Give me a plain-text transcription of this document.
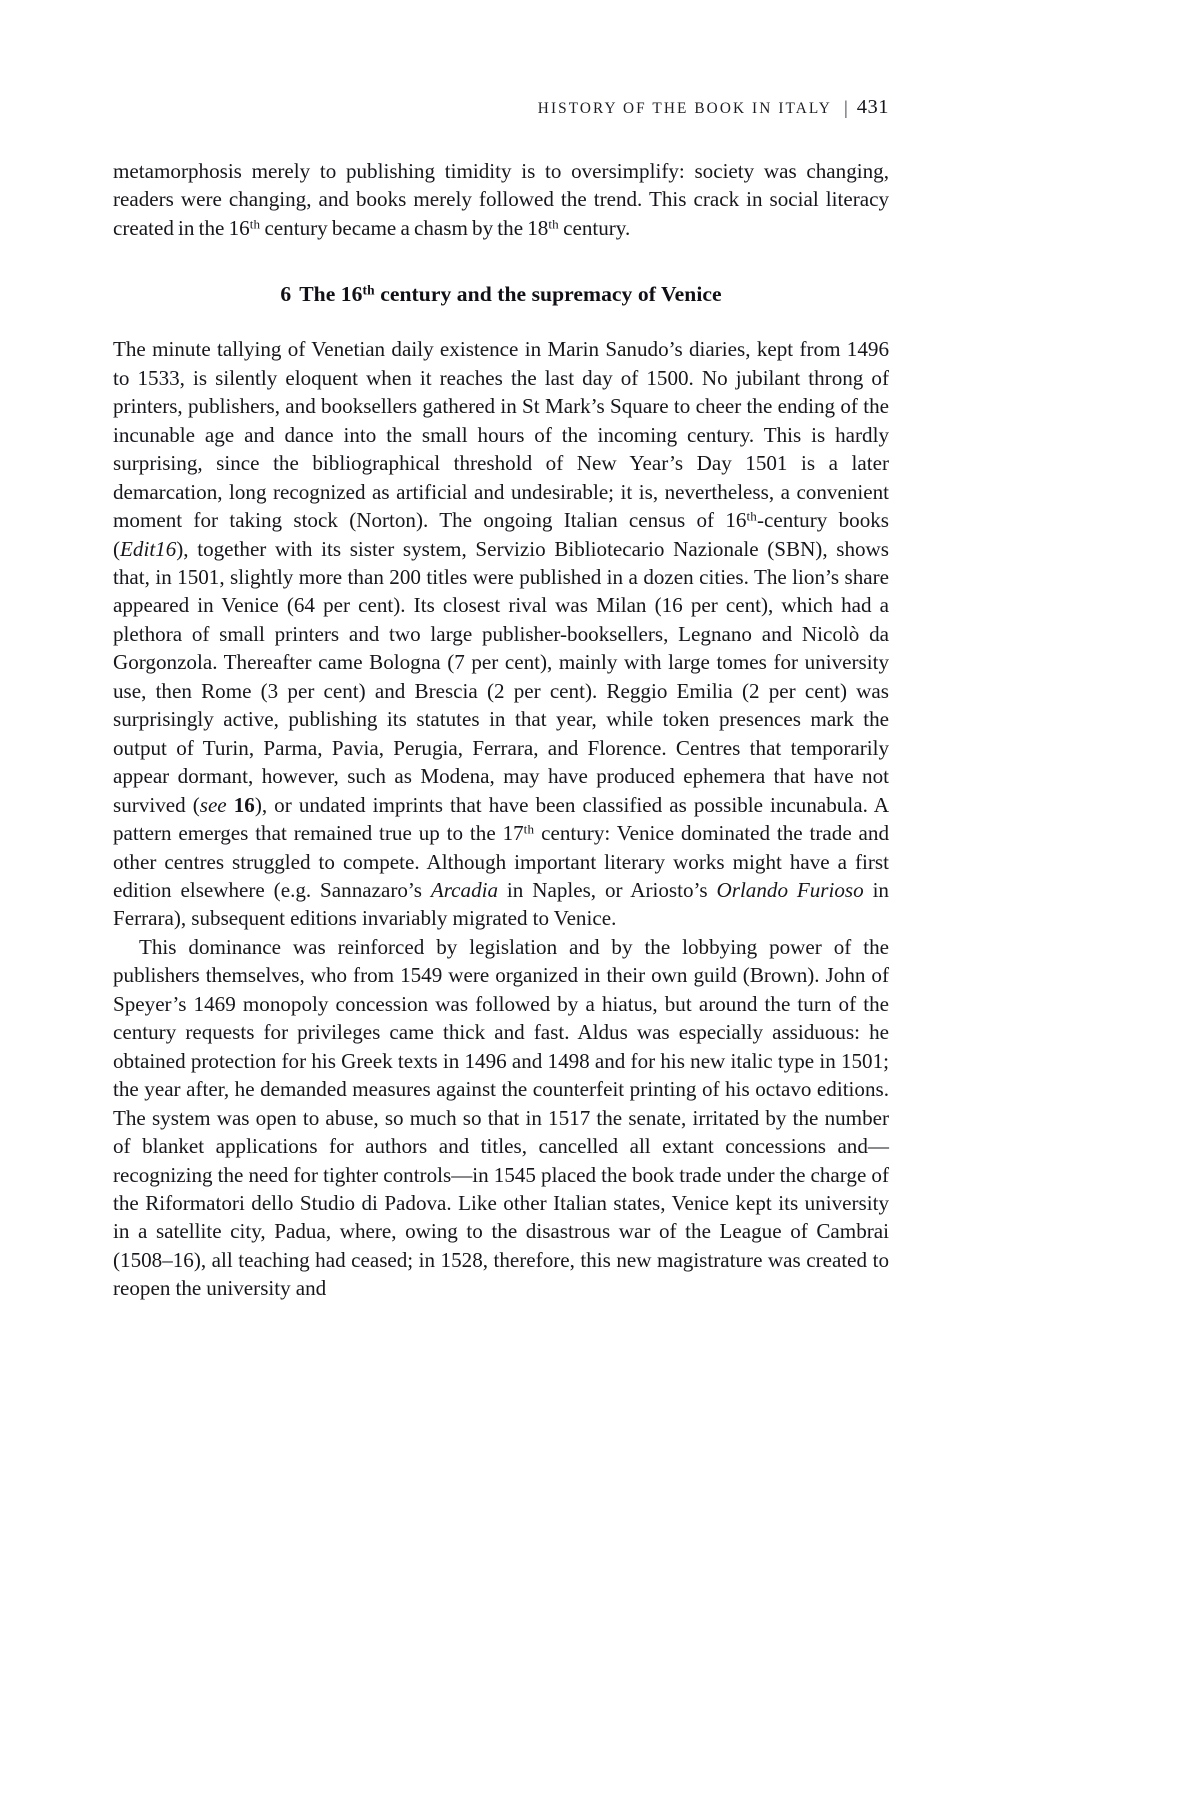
HISTORY OF THE BOOK IN ITALY | 431

metamorphosis merely to publishing timidity is to oversimplify: society was changing, readers were changing, and books merely followed the trend. This crack in social literacy created in the 16th century became a chasm by the 18th century.

6 The 16th century and the supremacy of Venice

The minute tallying of Venetian daily existence in Marin Sanudo’s diaries, kept from 1496 to 1533, is silently eloquent when it reaches the last day of 1500. No jubilant throng of printers, publishers, and booksellers gathered in St Mark’s Square to cheer the ending of the incunable age and dance into the small hours of the incoming century. This is hardly surprising, since the bibliographical threshold of New Year’s Day 1501 is a later demarcation, long recognized as artificial and undesirable; it is, nevertheless, a convenient moment for taking stock (Norton). The ongoing Italian census of 16th-century books (Edit16), together with its sister system, Servizio Bibliotecario Nazionale (SBN), shows that, in 1501, slightly more than 200 titles were published in a dozen cities. The lion’s share appeared in Venice (64 per cent). Its closest rival was Milan (16 per cent), which had a plethora of small printers and two large publisher-booksellers, Legnano and Nicolò da Gorgonzola. Thereafter came Bologna (7 per cent), mainly with large tomes for university use, then Rome (3 per cent) and Brescia (2 per cent). Reggio Emilia (2 per cent) was surprisingly active, publishing its statutes in that year, while token presences mark the output of Turin, Parma, Pavia, Perugia, Ferrara, and Florence. Centres that temporarily appear dormant, however, such as Modena, may have produced ephemera that have not survived (see 16), or undated imprints that have been classified as possible incunabula. A pattern emerges that remained true up to the 17th century: Venice dominated the trade and other centres struggled to compete. Although important literary works might have a first edition elsewhere (e.g. Sannazaro’s Arcadia in Naples, or Ariosto’s Orlando Furioso in Ferrara), subsequent editions invariably migrated to Venice.

This dominance was reinforced by legislation and by the lobbying power of the publishers themselves, who from 1549 were organized in their own guild (Brown). John of Speyer’s 1469 monopoly concession was followed by a hiatus, but around the turn of the century requests for privileges came thick and fast. Aldus was especially assiduous: he obtained protection for his Greek texts in 1496 and 1498 and for his new italic type in 1501; the year after, he demanded measures against the counterfeit printing of his octavo editions. The system was open to abuse, so much so that in 1517 the senate, irritated by the number of blanket applications for authors and titles, cancelled all extant concessions and—recognizing the need for tighter controls—in 1545 placed the book trade under the charge of the Riformatori dello Studio di Padova. Like other Italian states, Venice kept its university in a satellite city, Padua, where, owing to the disastrous war of the League of Cambrai (1508–16), all teaching had ceased; in 1528, therefore, this new magistrature was created to reopen the university and
